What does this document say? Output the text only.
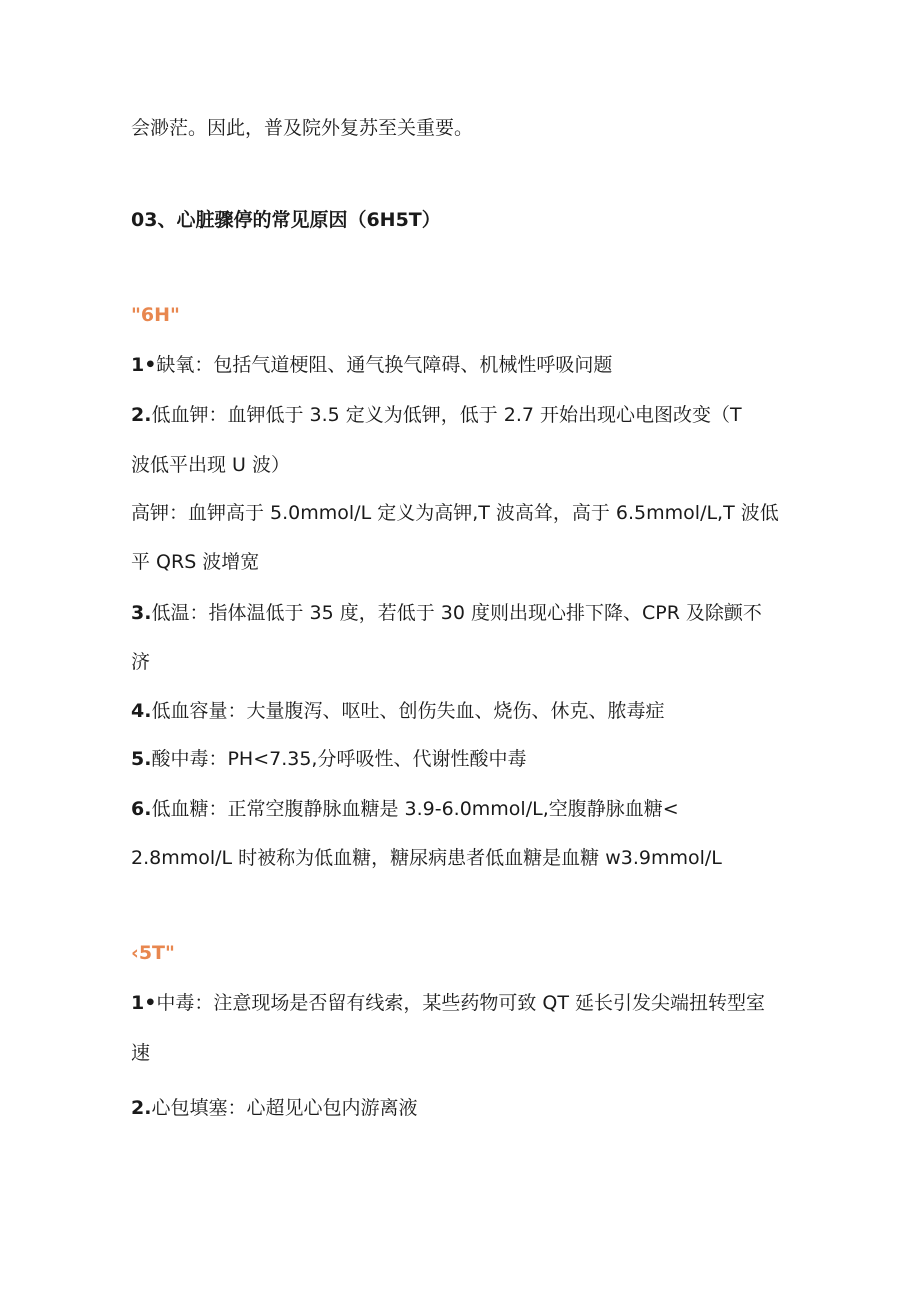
会渺茫。因此，普及院外复苏至关重要。

03、心脏骤停的常见原因（6H5T）

"6H"

1•缺氧：包括气道梗阻、通气换气障碍、机械性呼吸问题

2.低血钾：血钾低于 3.5 定义为低钾，低于 2.7 开始出现心电图改变（T

波低平出现 U 波）

高钾：血钾高于 5.0mmol/L 定义为高钾,T 波高耸，高于 6.5mmol/L,T 波低

平 QRS 波增宽

3.低温：指体温低于 35 度，若低于 30 度则出现心排下降、CPR 及除颤不

济

4.低血容量：大量腹泻、呕吐、创伤失血、烧伤、休克、脓毒症

5.酸中毒：PH<7.35,分呼吸性、代谢性酸中毒

6.低血糖：正常空腹静脉血糖是 3.9-6.0mmol/L,空腹静脉血糖<

2.8mmol/L 时被称为低血糖，糖尿病患者低血糖是血糖 w3.9mmol/L

‹5T"

1•中毒：注意现场是否留有线索，某些药物可致 QT 延长引发尖端扭转型室

速

2.心包填塞：心超见心包内游离液
